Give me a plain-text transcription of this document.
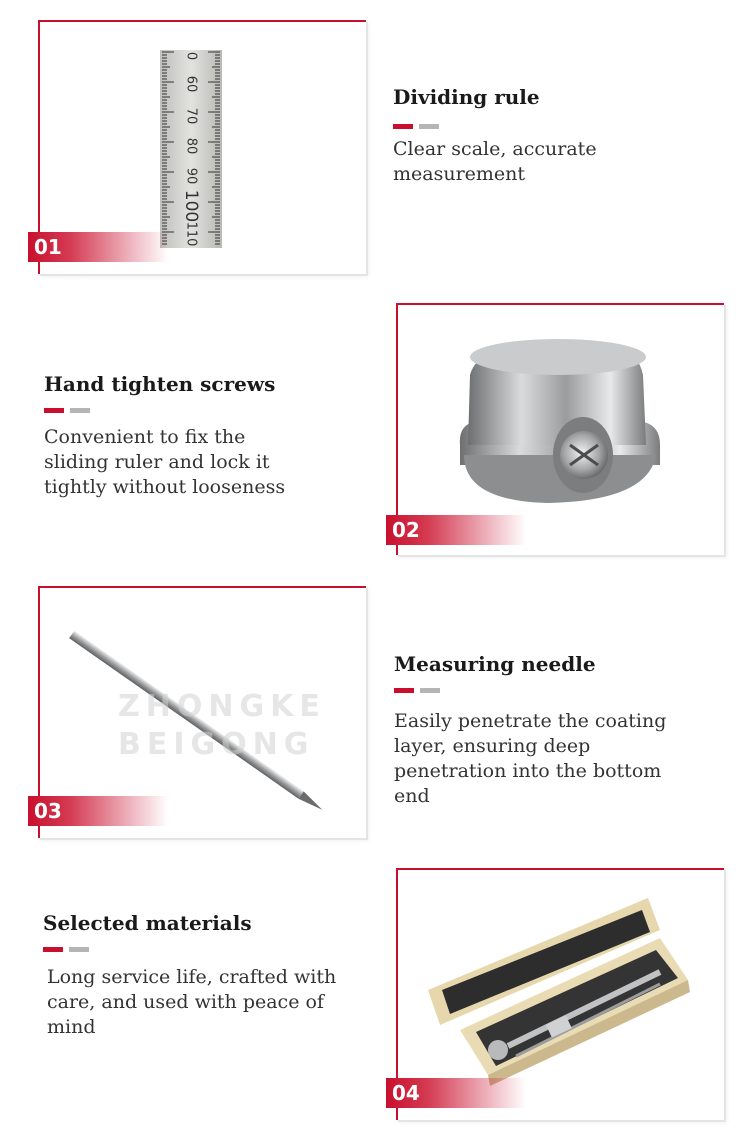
0
60
70
80
90
100
110
01
Dividing rule
Clear scale, accurate
measurement
Hand tighten screws
Convenient to fix the
sliding ruler and lock it
tightly without looseness
02
ZHONGKE
BEIGONG
03
Measuring needle
Easily penetrate the coating
layer, ensuring deep
penetration into the bottom
end
Selected materials
Long service life, crafted with
care, and used with peace of
mind
04
